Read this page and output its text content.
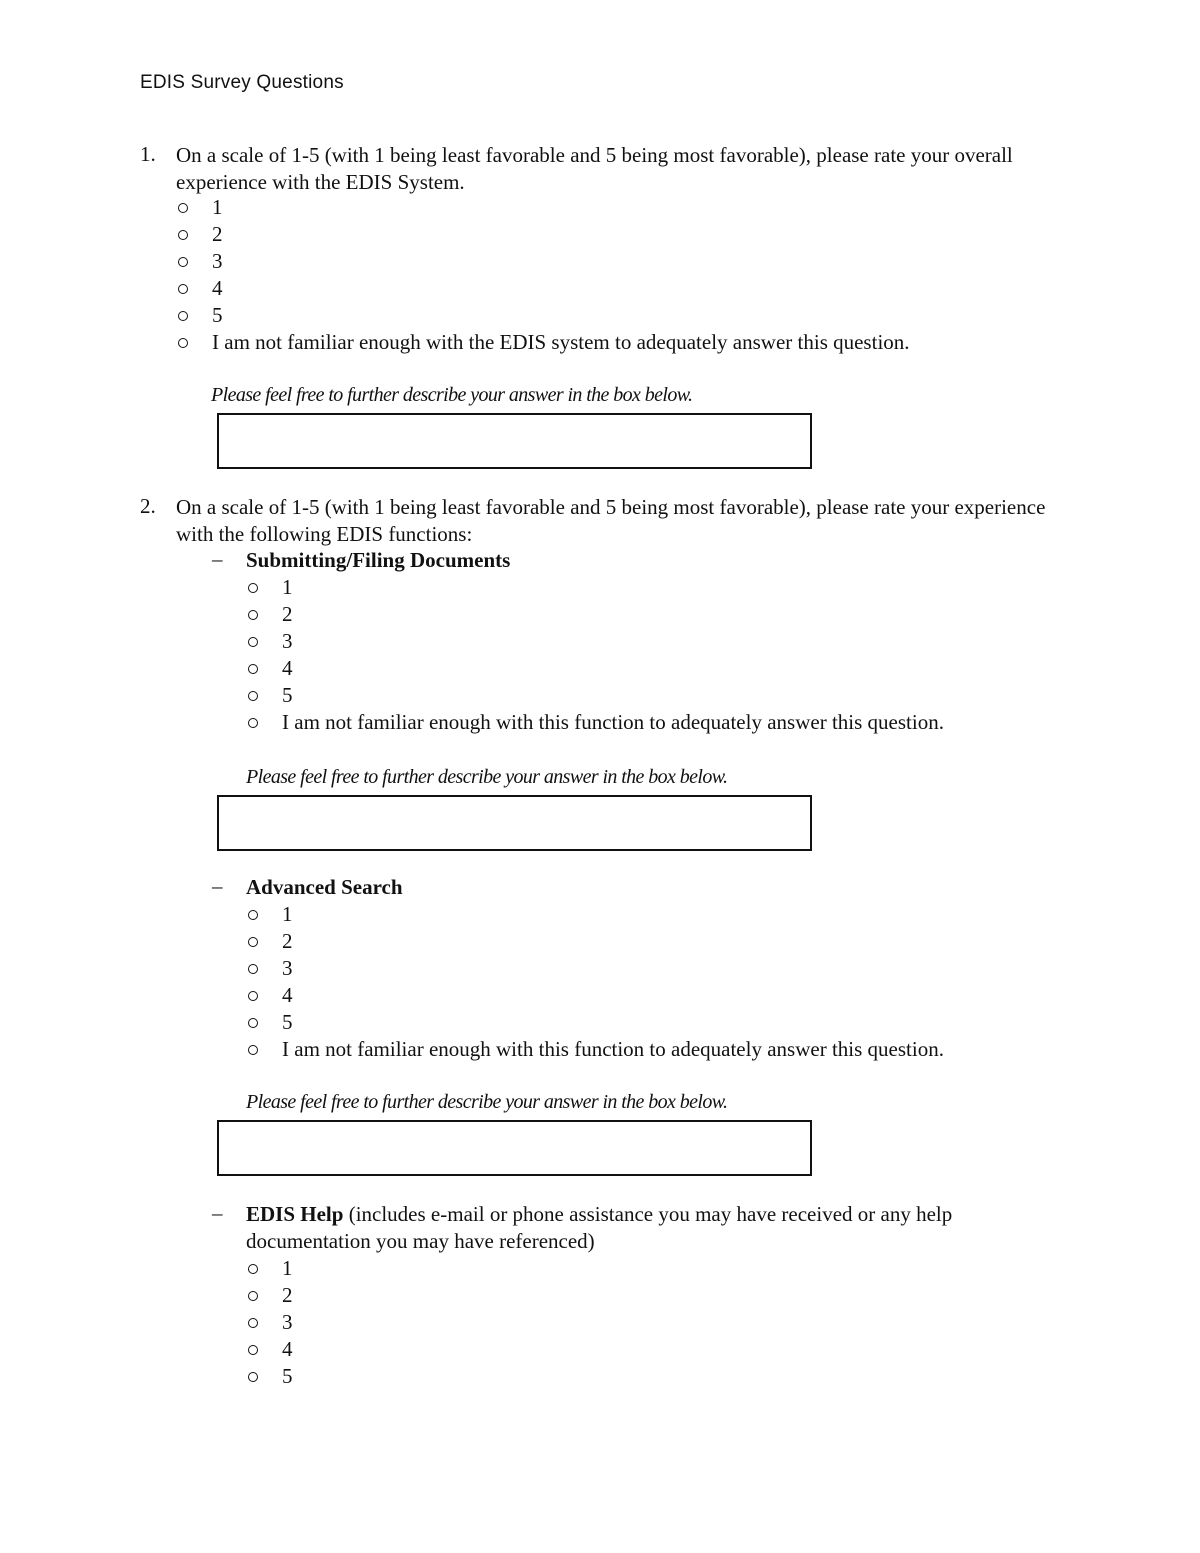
EDIS Survey Questions
1. On a scale of 1-5 (with 1 being least favorable and 5 being most favorable), please rate your overall experience with the EDIS System.
1
2
3
4
5
I am not familiar enough with the EDIS system to adequately answer this question.
Please feel free to further describe your answer in the box below.
2. On a scale of 1-5 (with 1 being least favorable and 5 being most favorable), please rate your experience with the following EDIS functions:
– Submitting/Filing Documents
1
2
3
4
5
I am not familiar enough with this function to adequately answer this question.
Please feel free to further describe your answer in the box below.
– Advanced Search
1
2
3
4
5
I am not familiar enough with this function to adequately answer this question.
Please feel free to further describe your answer in the box below.
– EDIS Help (includes e-mail or phone assistance you may have received or any help documentation you may have referenced)
1
2
3
4
5
